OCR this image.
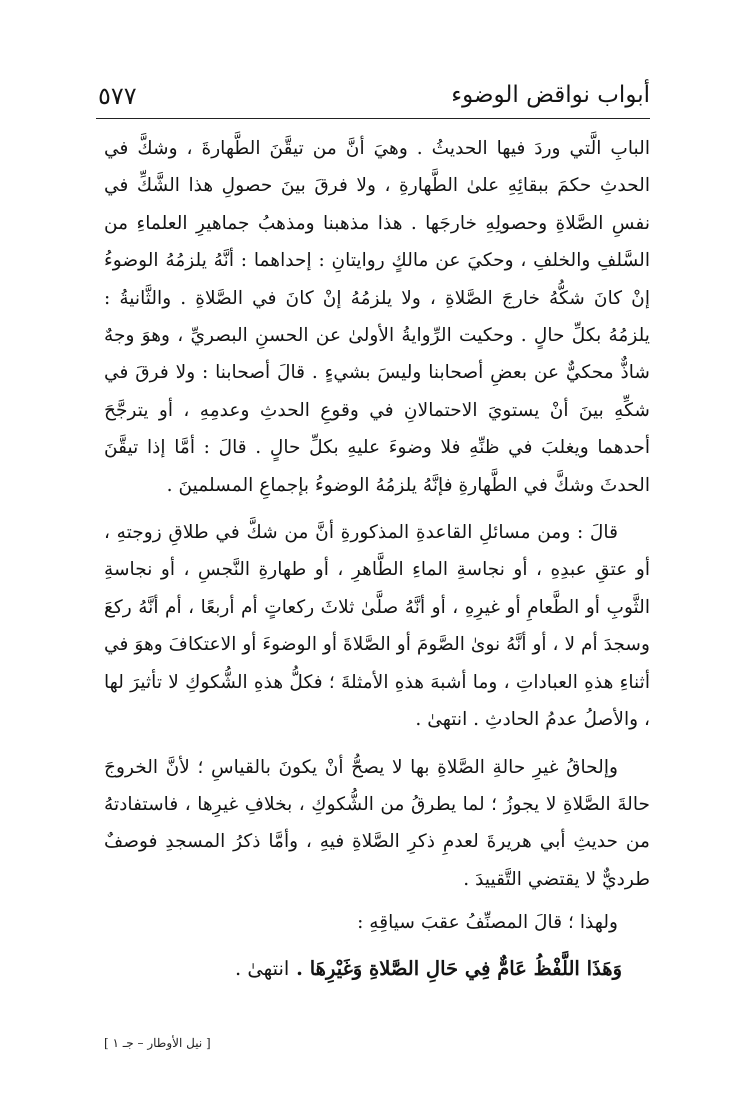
أبواب نواقض الوضوء
٥٧٧

البابِ الَّتي وردَ فيها الحديثُ . وهيَ أنَّ من تيقَّنَ الطَّهارةَ ، وشكَّ في الحدثِ حكمَ ببقائِهِ علىٰ الطَّهارةِ ، ولا فرقَ بينَ حصولِ هذا الشَّكِّ في نفسِ الصَّلاةِ وحصولِهِ خارجَها . هذا مذهبنا ومذهبُ جماهيرِ العلماءِ من السَّلفِ والخلفِ ، وحكيَ عن مالكٍ روايتانِ : إحداهما : أنَّهُ يلزمُهُ الوضوءُ إنْ كانَ شكُّهُ خارجَ الصَّلاةِ ، ولا يلزمُهُ إنْ كانَ في الصَّلاةِ . والثَّانيةُ : يلزمُهُ بكلِّ حالٍ . وحكيت الرِّوايةُ الأولىٰ عن الحسنِ البصريِّ ، وهوَ وجهٌ شاذٌّ محكيٌّ عن بعضِ أصحابنا وليسَ بشيءٍ . قالَ أصحابنا : ولا فرقَ في شكِّهِ بينَ أنْ يستويَ الاحتمالانِ في وقوعِ الحدثِ وعدمِهِ ، أو يترجَّحَ أحدهما ويغلبَ في ظنِّهِ فلا وضوءَ عليهِ بكلِّ حالٍ . قالَ : أمَّا إذا تيقَّنَ الحدثَ وشكَّ في الطَّهارةِ فإنَّهُ يلزمُهُ الوضوءُ بإجماعِ المسلمينَ .

قالَ : ومن مسائلِ القاعدةِ المذكورةِ أنَّ من شكَّ في طلاقِ زوجتهِ ، أو عتقِ عبدِهِ ، أو نجاسةِ الماءِ الطَّاهرِ ، أو طهارةِ النَّجسِ ، أو نجاسةِ الثَّوبِ أو الطَّعامِ أو غيرِهِ ، أو أنَّهُ صلَّىٰ ثلاثَ ركعاتٍ أم أربعًا ، أم أنَّهُ ركعَ وسجدَ أم لا ، أو أنَّهُ نوىٰ الصَّومَ أو الصَّلاةَ أو الوضوءَ أو الاعتكافَ وهوَ في أثناءِ هذهِ العباداتِ ، وما أشبهَ هذهِ الأمثلةَ ؛ فكلُّ هذهِ الشُّكوكِ لا تأثيرَ لها ، والأصلُ عدمُ الحادثِ . انتهىٰ .

وإلحاقُ غيرِ حالةِ الصَّلاةِ بها لا يصحُّ أنْ يكونَ بالقياسِ ؛ لأنَّ الخروجَ حالةَ الصَّلاةِ لا يجوزُ ؛ لما يطرقُ من الشُّكوكِ ، بخلافِ غيرِها ، فاستفادتهُ من حديثِ أبي هريرةَ لعدمِ ذكرِ الصَّلاةِ فيهِ ، وأمَّا ذكرُ المسجدِ فوصفٌ طرديٌّ لا يقتضي التَّقييدَ .

ولهذا ؛ قالَ المصنِّفُ عقبَ سياقِهِ :

وَهَذَا اللَّفْظُ عَامٌّ فِي حَالِ الصَّلاةِ وَغَيْرِهَا . انتهىٰ .

[ نيل الأوطار – جـ ١ ]
